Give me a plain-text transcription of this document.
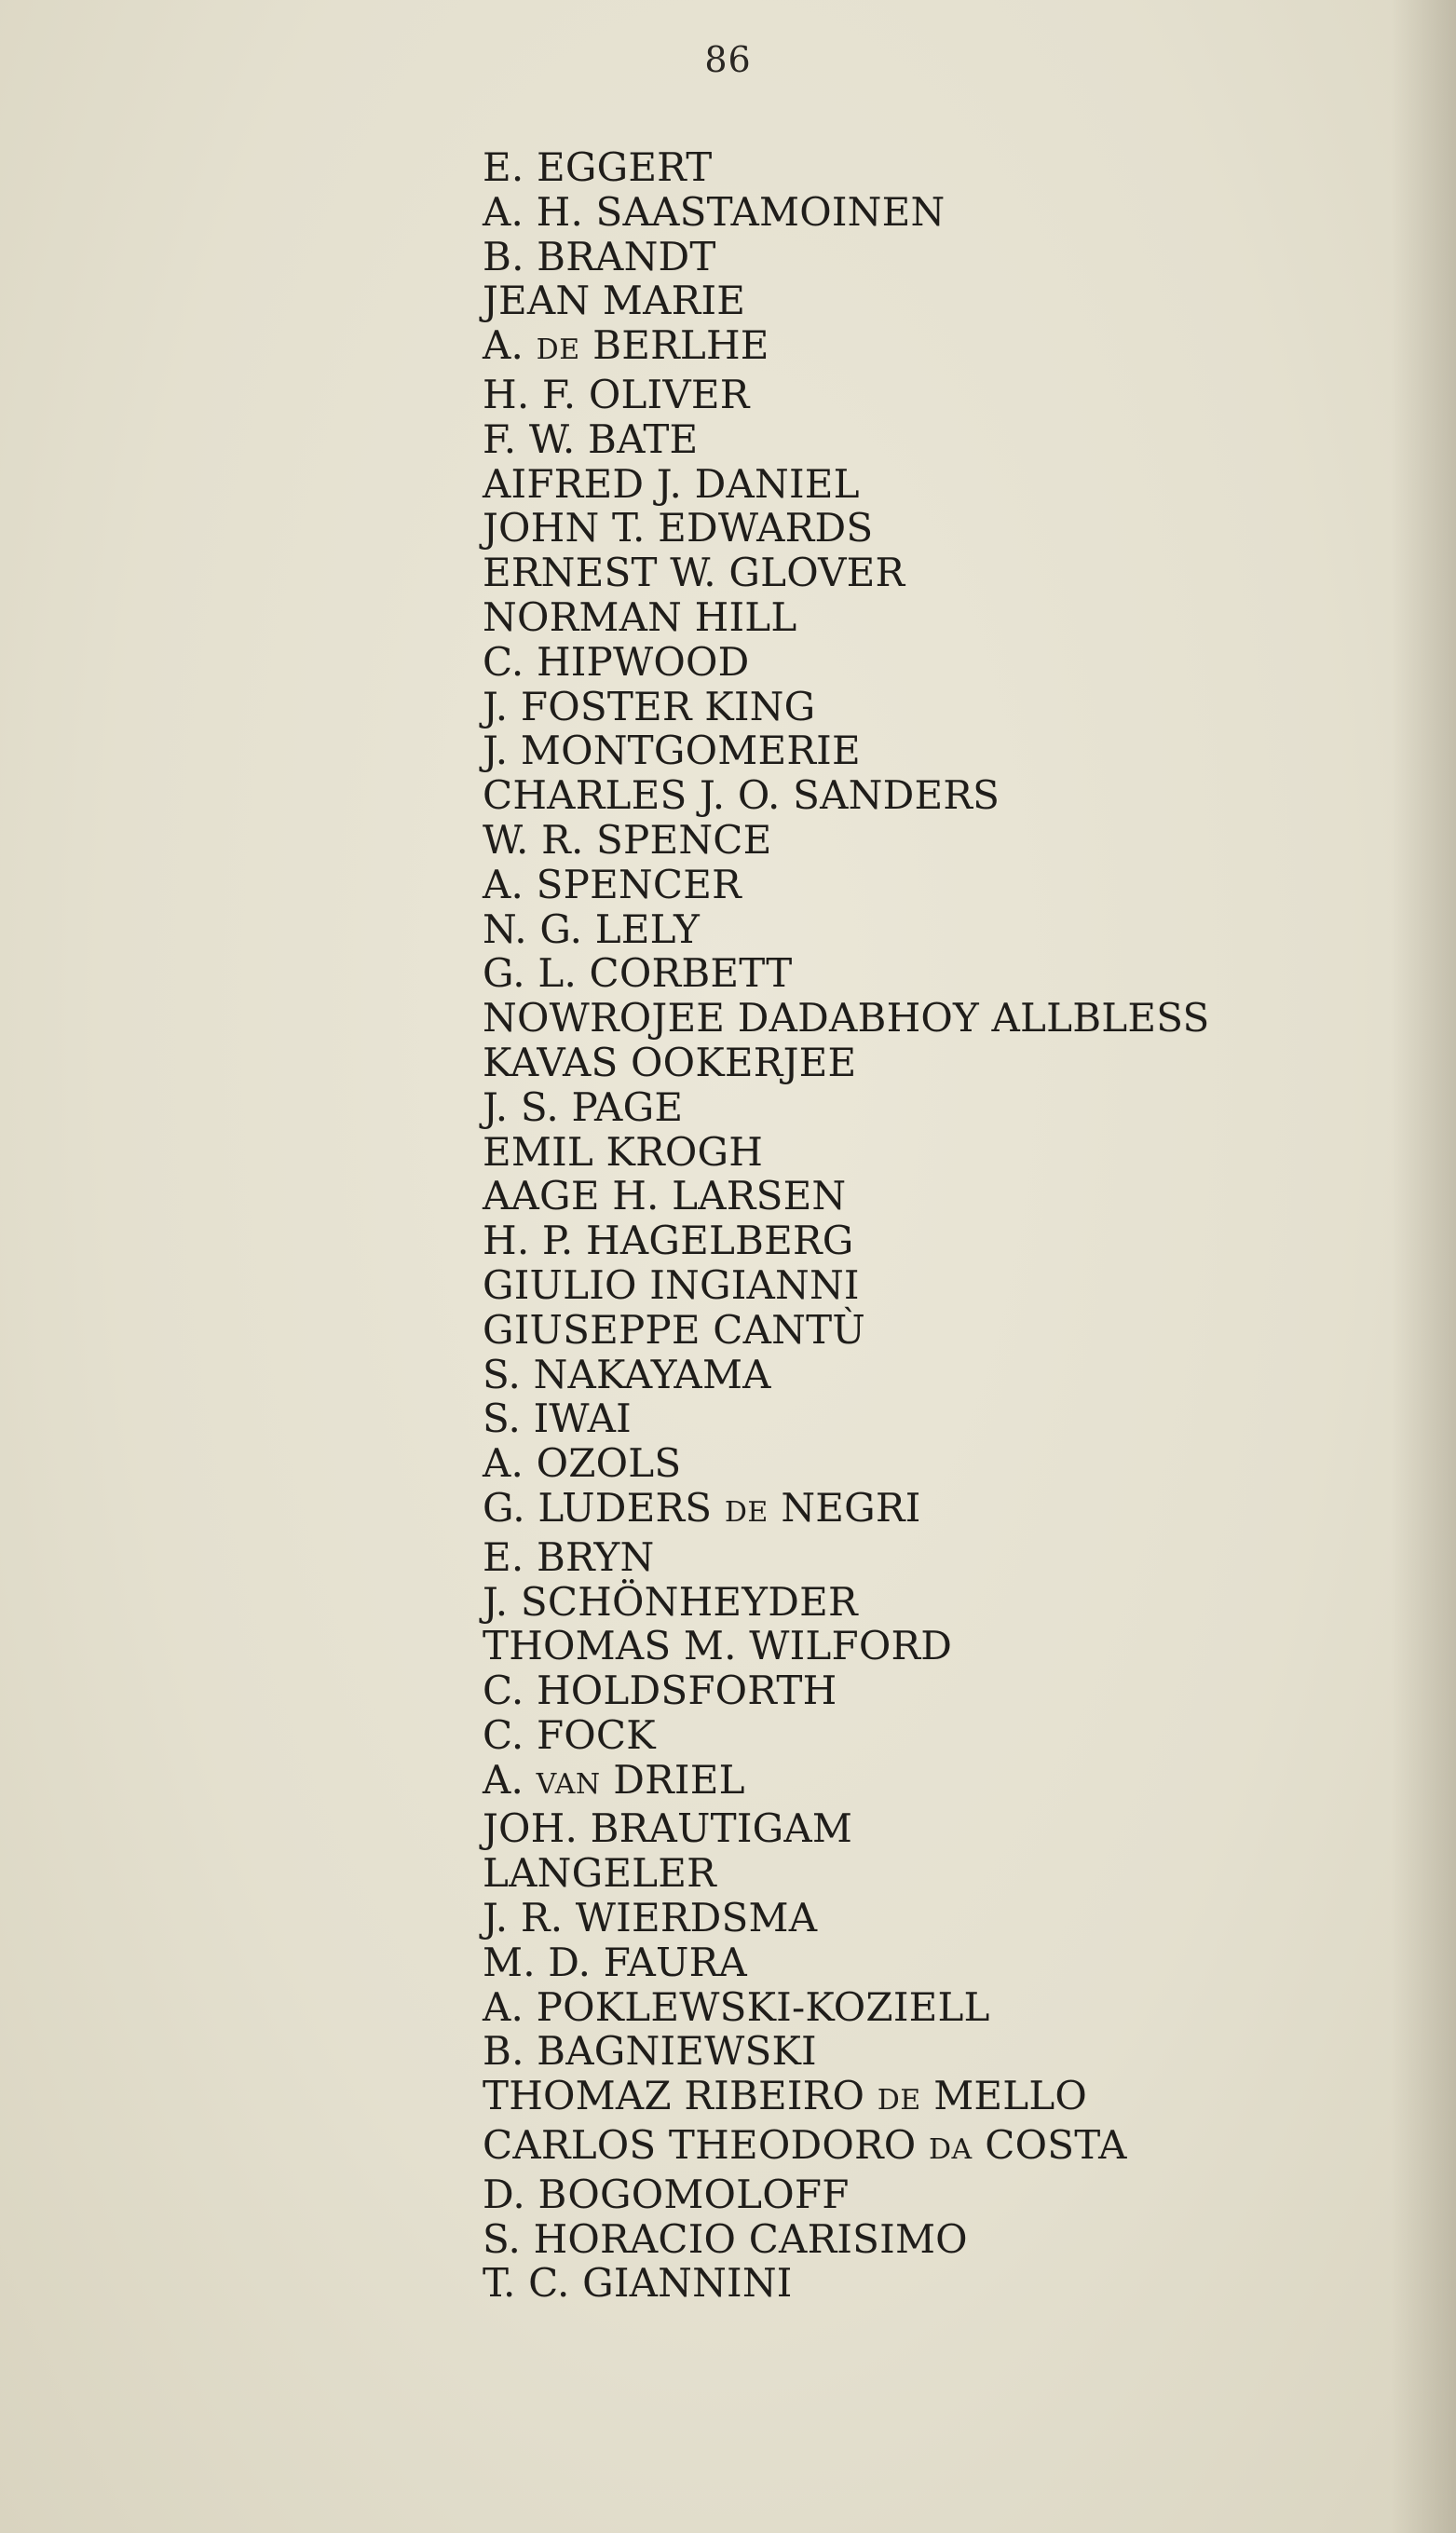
86
E. EGGERT
A. H. SAASTAMOINEN
B. BRANDT
JEAN MARIE
A. DE BERLHE
H. F. OLIVER
F. W. BATE
AIFRED J. DANIEL
JOHN T. EDWARDS
ERNEST W. GLOVER
NORMAN HILL
C. HIPWOOD
J. FOSTER KING
J. MONTGOMERIE
CHARLES J. O. SANDERS
W. R. SPENCE
A. SPENCER
N. G. LELY
G. L. CORBETT
NOWROJEE DADABHOY ALLBLESS
KAVAS OOKERJEE
J. S. PAGE
EMIL KROGH
AAGE H. LARSEN
H. P. HAGELBERG
GIULIO INGIANNI
GIUSEPPE CANTÙ
S. NAKAYAMA
S. IWAI
A. OZOLS
G. LUDERS DE NEGRI
E. BRYN
J. SCHÖNHEYDER
THOMAS M. WILFORD
C. HOLDSFORTH
C. FOCK
A. VAN DRIEL
JOH. BRAUTIGAM
LANGELER
J. R. WIERDSMA
M. D. FAURA
A. POKLEWSKI-KOZIELL
B. BAGNIEWSKI
THOMAZ RIBEIRO DE MELLO
CARLOS THEODORO DA COSTA
D. BOGOMOLOFF
S. HORACIO CARISIMO
T. C. GIANNINI
